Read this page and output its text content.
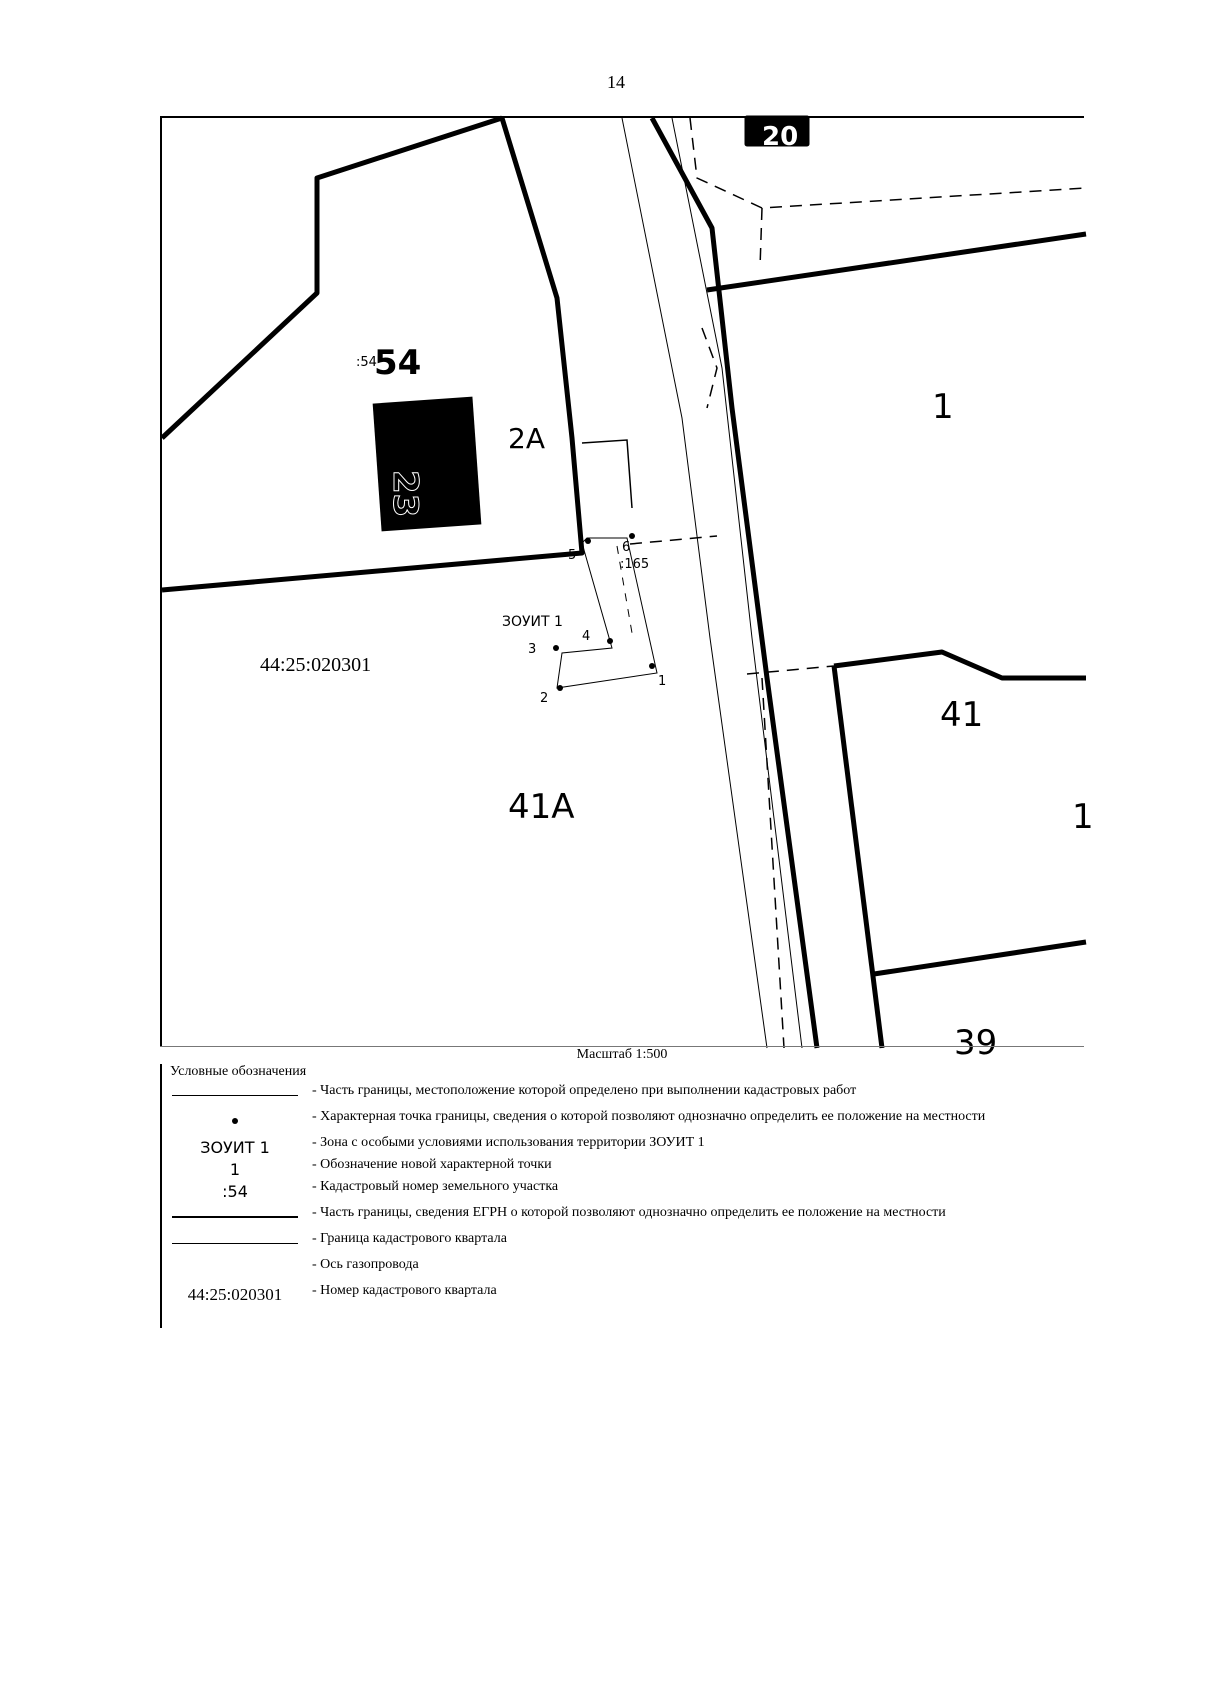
14
23
:54
54
2А
20
1
41
1
39
41А
:165
ЗОУИТ 1
44:25:020301
1
2
3
4
5
6
Масштаб 1:500
Условные обозначения
- Часть границы, местоположение которой определено при выполнении кадастровых работ
- Характерная точка границы, сведения о которой позволяют однозначно определить ее положение на местности
ЗОУИТ 1	- Зона с особыми условиями использования территории ЗОУИТ 1
1	- Обозначение новой характерной точки
:54	- Кадастровый номер земельного участка
- Часть границы, сведения ЕГРН о которой позволяют однозначно определить ее положение на местности
- Граница кадастрового квартала
- Ось газопровода
44:25:020301	- Номер кадастрового квартала
